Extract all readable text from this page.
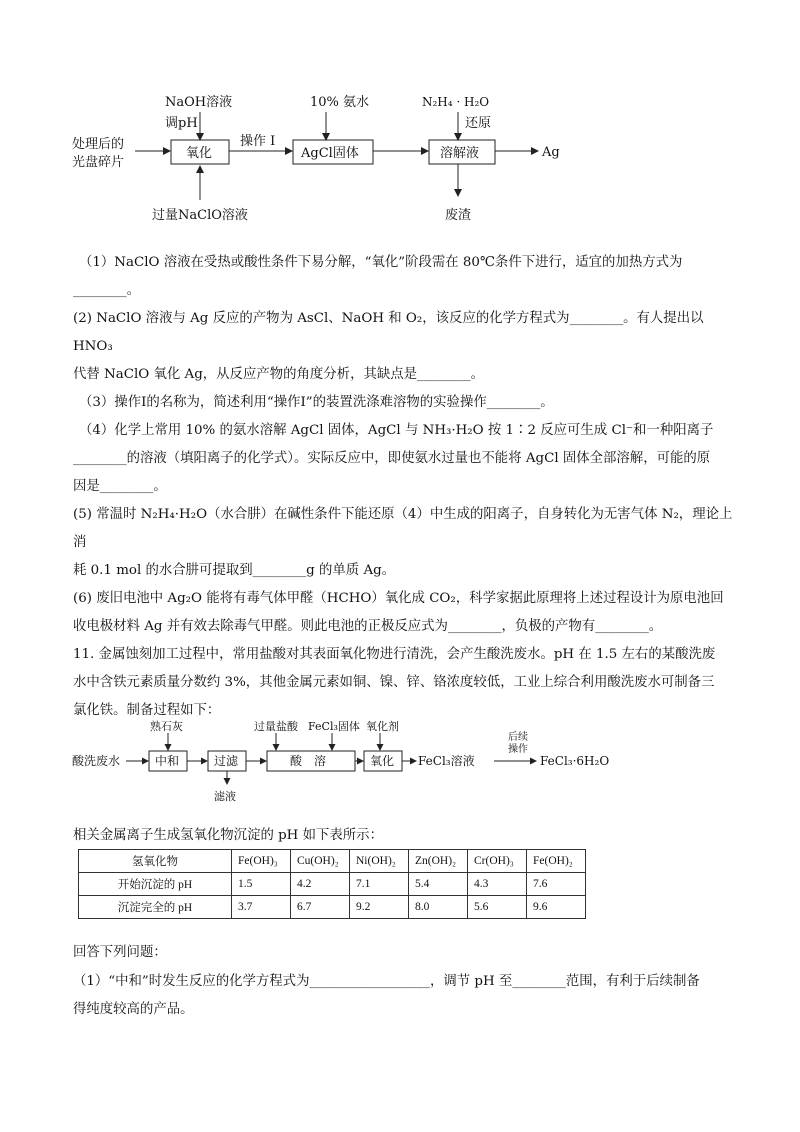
处理后的
光盘碎片
NaOH溶液
调pH
氧化
过量NaClO溶液
操作 I
10% 氨水
AgCl固体
N₂H₄ · H₂O
还原
溶解液	Ag
废渣
（1）NaClO 溶液在受热或酸性条件下易分解，“氧化”阶段需在 80℃条件下进行，适宜的加热方式为
________。
(2) NaClO 溶液与 Ag 反应的产物为 AsCl、NaOH 和 O₂，该反应的化学方程式为________。有人提出以 HNO₃
代替 NaClO 氧化 Ag，从反应产物的角度分析，其缺点是________。
（3）操作Ⅰ的名称为，简述利用“操作Ⅰ”的装置洗涤难溶物的实验操作________。
（4）化学上常用 10% 的氨水溶解 AgCl 固体，AgCl 与 NH₃·H₂O 按 1∶2 反应可生成 Cl⁻和一种阳离子
________的溶液（填阳离子的化学式）。实际反应中，即使氨水过量也不能将 AgCl 固体全部溶解，可能的原
因是________。
(5) 常温时 N₂H₄·H₂O（水合肼）在碱性条件下能还原（4）中生成的阳离子，自身转化为无害气体 N₂，理论上消
耗 0.1 mol 的水合肼可提取到________g 的单质 Ag。
(6) 废旧电池中 Ag₂O 能将有毒气体甲醛（HCHO）氧化成 CO₂，科学家据此原理将上述过程设计为原电池回
收电极材料 Ag 并有效去除毒气甲醛。则此电池的正极反应式为________，负极的产物有________。
11. 金属蚀刻加工过程中，常用盐酸对其表面氧化物进行清洗，会产生酸洗废水。pH 在 1.5 左右的某酸洗废
水中含铁元素质量分数约 3%，其他金属元素如铜、镍、锌、铬浓度较低，工业上综合利用酸洗废水可制备三
氯化铁。制备过程如下：
熟石灰	过量盐酸 FeCl₃固体 氧化剂
酸洗废水	中和	过滤
滤液
酸　溶	氧化 FeCl₃溶液
后续
操作
FeCl₃·6H₂O
相关金属离子生成氢氧化物沉淀的 pH 如下表所示：
氢氧化物	Fe(OH)₃	Cu(OH)₂	Ni(OH)₂	Zn(OH)₂	Cr(OH)₃	Fe(OH)₂
开始沉淀的 pH	1.5	4.2	7.1	5.4	4.3	7.6
沉淀完全的 pH	3.7	6.7	9.2	8.0	5.6	9.6
回答下列问题：
（1）“中和”时发生反应的化学方程式为__________________，调节 pH 至________范围，有利于后续制备
得纯度较高的产品。
